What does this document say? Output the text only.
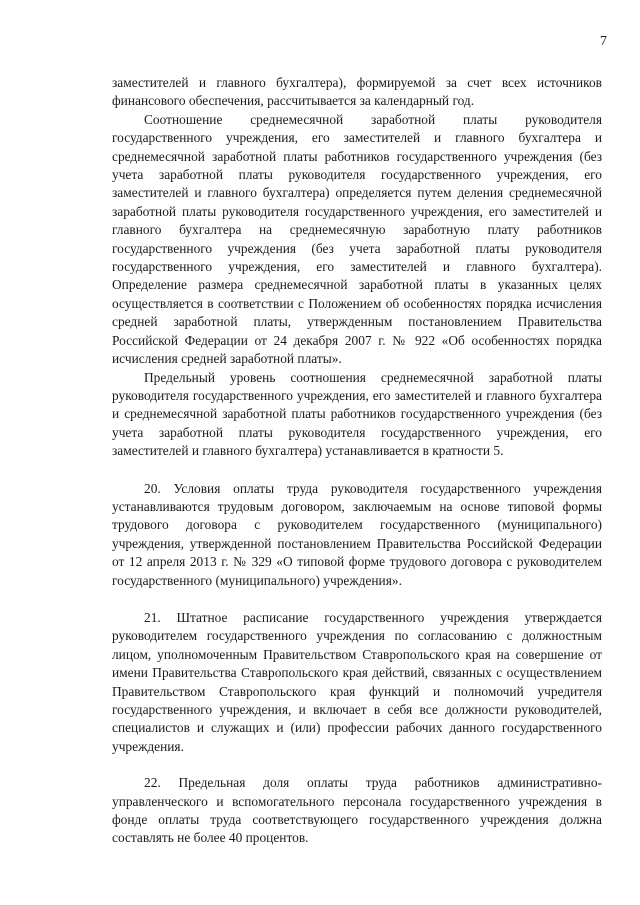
7

заместителей и главного бухгалтера), формируемой за счет всех источников финансового обеспечения, рассчитывается за календарный год.

Соотношение среднемесячной заработной платы руководителя государственного учреждения, его заместителей и главного бухгалтера и среднемесячной заработной платы работников государственного учреждения (без учета заработной платы руководителя государственного учреждения, его заместителей и главного бухгалтера) определяется путем деления среднемесячной заработной платы руководителя государственного учреждения, его заместителей и главного бухгалтера на среднемесячную заработную плату работников государственного учреждения (без учета заработной платы руководителя государственного учреждения, его заместителей и главного бухгалтера). Определение размера среднемесячной заработной платы в указанных целях осуществляется в соответствии с Положением об особенностях порядка исчисления средней заработной платы, утвержденным постановлением Правительства Российской Федерации от 24 декабря 2007 г. № 922 «Об особенностях порядка исчисления средней заработной платы».

Предельный уровень соотношения среднемесячной заработной платы руководителя государственного учреждения, его заместителей и главного бухгалтера и среднемесячной заработной платы работников государственного учреждения (без учета заработной платы руководителя государственного учреждения, его заместителей и главного бухгалтера) устанавливается в кратности 5.

20. Условия оплаты труда руководителя государственного учреждения устанавливаются трудовым договором, заключаемым на основе типовой формы трудового договора с руководителем государственного (муниципального) учреждения, утвержденной постановлением Правительства Российской Федерации от 12 апреля 2013 г. № 329 «О типовой форме трудового договора с руководителем государственного (муниципального) учреждения».

21. Штатное расписание государственного учреждения утверждается руководителем государственного учреждения по согласованию с должностным лицом, уполномоченным Правительством Ставропольского края на совершение от имени Правительства Ставропольского края действий, связанных с осуществлением Правительством Ставропольского края функций и полномочий учредителя государственного учреждения, и включает в себя все должности руководителей, специалистов и служащих и (или) профессии рабочих данного государственного учреждения.

22. Предельная доля оплаты труда работников административно-управленческого и вспомогательного персонала государственного учреждения в фонде оплаты труда соответствующего государственного учреждения должна составлять не более 40 процентов.
